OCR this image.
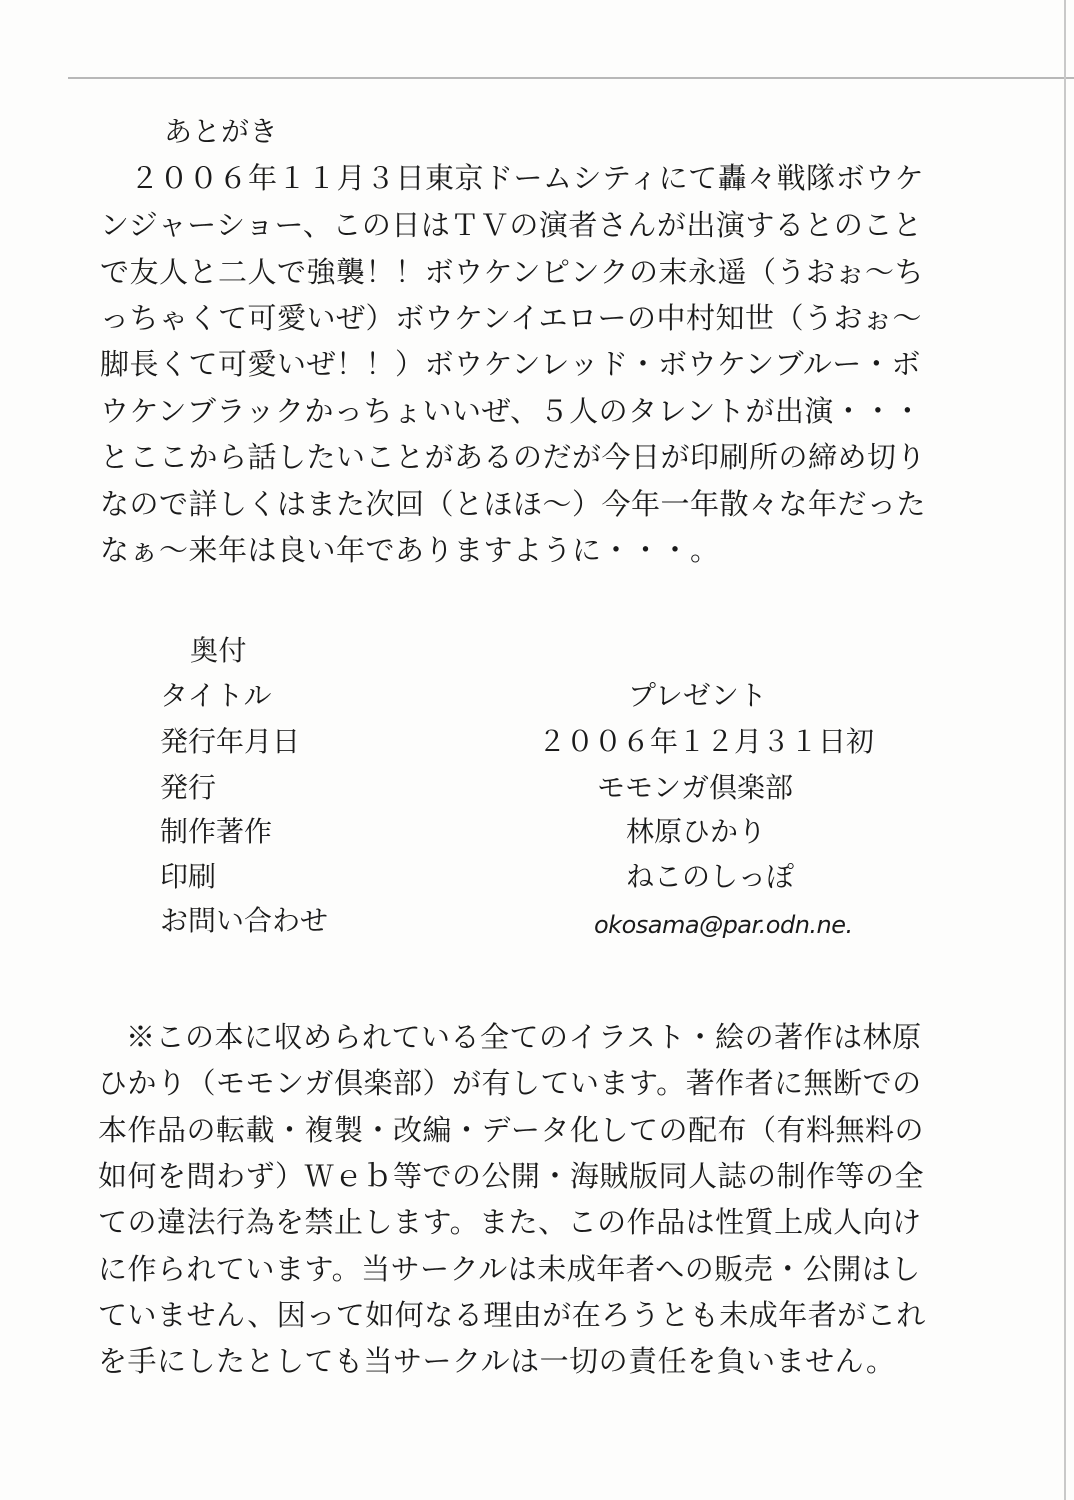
あとがき
２００６年１１月３日東京ドームシティにて轟々戦隊ボウケ
ンジャーショー、この日はＴＶの演者さんが出演するとのこと
で友人と二人で強襲！！ボウケンピンクの末永遥（うおぉ〜ち
っちゃくて可愛いぜ）ボウケンイエローの中村知世（うおぉ〜
脚長くて可愛いぜ！！）ボウケンレッド・ボウケンブルー・ボ
ウケンブラックかっちょいいぜ、５人のタレントが出演・・・
とここから話したいことがあるのだが今日が印刷所の締め切り
なので詳しくはまた次回（とほほ〜）今年一年散々な年だった
なぁ〜来年は良い年でありますように・・・。
奥付
タイトル	プレゼント
発行年月日	２００６年１２月３１日初
発行	モモンガ倶楽部
制作著作	林原ひかり
印刷	ねこのしっぽ
お問い合わせ	okosama@par.odn.ne.
※この本に収められている全てのイラスト・絵の著作は林原
ひかり（モモンガ倶楽部）が有しています。著作者に無断での
本作品の転載・複製・改編・データ化しての配布（有料無料の
如何を問わず）Ｗｅｂ等での公開・海賊版同人誌の制作等の全
ての違法行為を禁止します。また、この作品は性質上成人向け
に作られています。当サークルは未成年者への販売・公開はし
ていません、因って如何なる理由が在ろうとも未成年者がこれ
を手にしたとしても当サークルは一切の責任を負いません。
